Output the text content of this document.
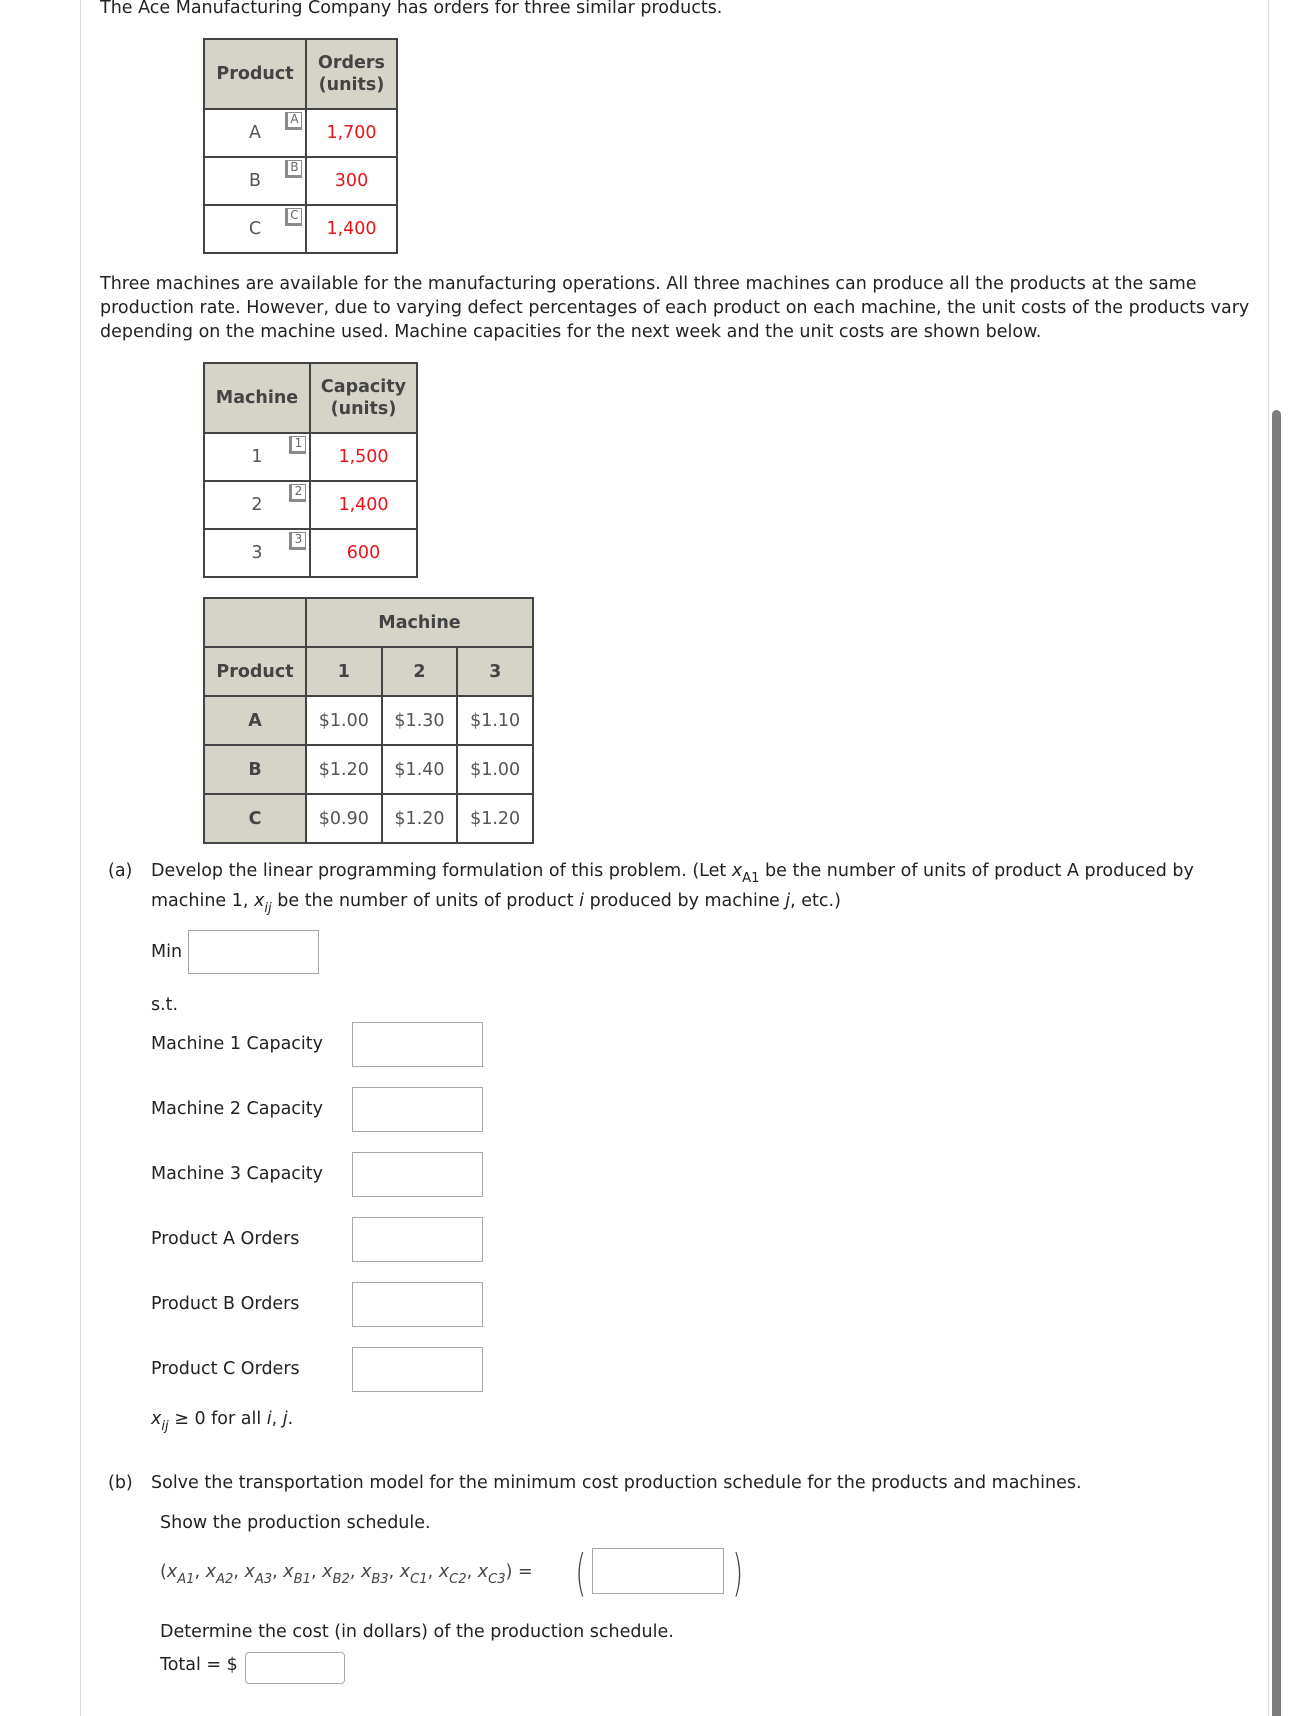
The Ace Manufacturing Company has orders for three similar products.
Product	Orders
(units)
A
A	1,700
B
B	300
C
C	1,400
Three machines are available for the manufacturing operations. All three machines can produce all the products at the same production rate. However, due to varying defect percentages of each product on each machine, the unit costs of the products vary depending on the machine used. Machine capacities for the next week and the unit costs are shown below.
Machine	Capacity
(units)
1
1	1,500
2
2	1,400
3
3	600
	Machine		
Product	1	2	3
A	$1.00	$1.30	$1.10
B	$1.20	$1.40	$1.00
C	$0.90	$1.20	$1.20
(a) Develop the linear programming formulation of this problem. (Let $x_{A1}$ be the number of units of product A produced by
machine 1, $x_{ij}$ be the number of units of product i produced by machine j, etc.)
Min
s.t.
Machine 1 Capacity
Machine 2 Capacity
Machine 3 Capacity
Product A Orders
Product B Orders
Product C Orders
$x_{ij} \ge 0$ for all i, j.
(b) Solve the transportation model for the minimum cost production schedule for the products and machines.
Show the production schedule.
($x_{A1}$, $x_{A2}$, $x_{A3}$, $x_{B1}$, $x_{B2}$, $x_{B3}$, $x_{C1}$, $x_{C2}$, $x_{C3}$) = (	)
Determine the cost (in dollars) of the production schedule.
Total = $
